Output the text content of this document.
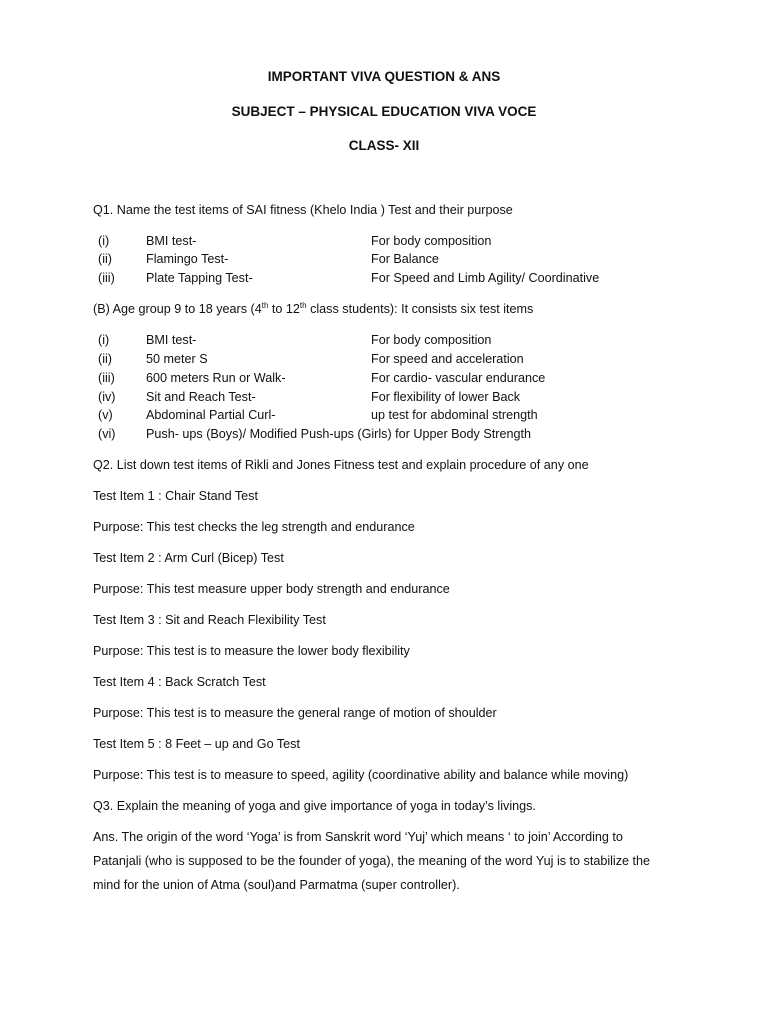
IMPORTANT VIVA QUESTION & ANS
SUBJECT – PHYSICAL EDUCATION VIVA VOCE
CLASS- XII

Q1. Name the test items of SAI fitness (Khelo India ) Test and their purpose

(i)	BMI test-	For body composition
(ii)	Flamingo Test-	For Balance
(iii) Plate Tapping Test-	For Speed and Limb Agility/ Coordinative

(B) Age group 9 to 18 years (4th to 12th class students): It consists six test items

(i)	BMI test-	For body composition
(ii)	50 meter S	For speed and acceleration
(iii) 600 meters Run or Walk-	For cardio- vascular endurance
(iv) Sit and Reach Test-	For flexibility of lower Back
(v)	Abdominal Partial Curl-	up test for abdominal strength
(vi) Push- ups (Boys)/ Modified Push-ups (Girls) for Upper Body Strength

Q2. List down test items of Rikli and Jones Fitness test and explain procedure of any one

Test Item 1 : Chair Stand Test

Purpose: This test checks the leg strength and endurance

Test Item 2 : Arm Curl (Bicep) Test

Purpose: This test measure upper body strength and endurance

Test Item 3 : Sit and Reach Flexibility Test

Purpose: This test is to measure the lower body flexibility

Test Item 4 : Back Scratch Test

Purpose: This test is to measure the general range of motion of shoulder

Test Item 5 : 8 Feet – up and Go Test

Purpose: This test is to measure to speed, agility (coordinative ability and balance while moving)

Q3. Explain the meaning of yoga and give importance of yoga in today’s livings.

Ans. The origin of the word ‘Yoga’ is from Sanskrit word ‘Yuj’ which means ‘ to join’ According to

Patanjali (who is supposed to be the founder of yoga), the meaning of the word Yuj is to stabilize the

mind for the union of Atma (soul)and Parmatma (super controller).
